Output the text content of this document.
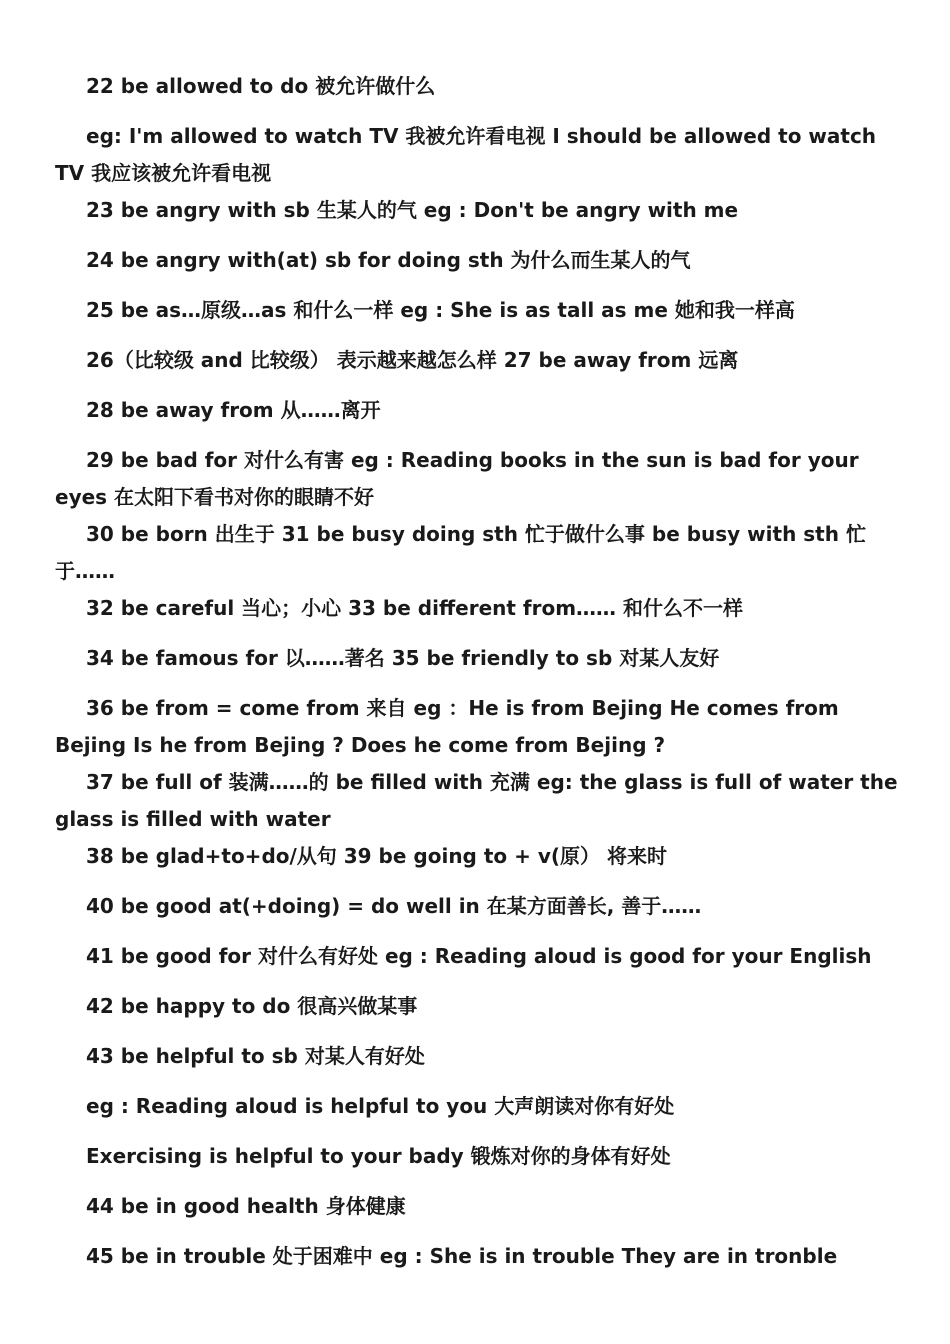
22 be allowed to do 被允许做什么

eg: I'm allowed to watch TV 我被允许看电视 I should be allowed to watch TV 我应该被允许看电视

23 be angry with sb 生某人的气 eg : Don't be angry with me

24 be angry with(at) sb for doing sth 为什么而生某人的气

25 be as…原级…as 和什么一样 eg : She is as tall as me 她和我一样高

26（比较级 and 比较级） 表示越来越怎么样 27 be away from 远离

28 be away from 从……离开

29 be bad for 对什么有害 eg : Reading books in the sun is bad for your eyes 在太阳下看书对你的眼睛不好

30 be born 出生于 31 be busy doing sth 忙于做什么事 be busy with sth 忙于……

32 be careful 当心；小心 33 be different from…… 和什么不一样

34 be famous for 以……著名 35 be friendly to sb 对某人友好

36 be from = come from 来自 eg ：He is from Bejing He comes from Bejing Is he from Bejing ? Does he come from Bejing ?

37 be full of 装满……的 be filled with 充满 eg: the glass is full of water the glass is filled with water

38 be glad+to+do/从句 39 be going to + v(原） 将来时

40 be good at(+doing) = do well in 在某方面善长, 善于……

41 be good for 对什么有好处 eg : Reading aloud is good for your English

42 be happy to do 很高兴做某事

43 be helpful to sb 对某人有好处

eg : Reading aloud is helpful to you 大声朗读对你有好处

Exercising is helpful to your bady 锻炼对你的身体有好处

44 be in good health 身体健康

45 be in trouble 处于困难中 eg : She is in trouble They are in tronble
